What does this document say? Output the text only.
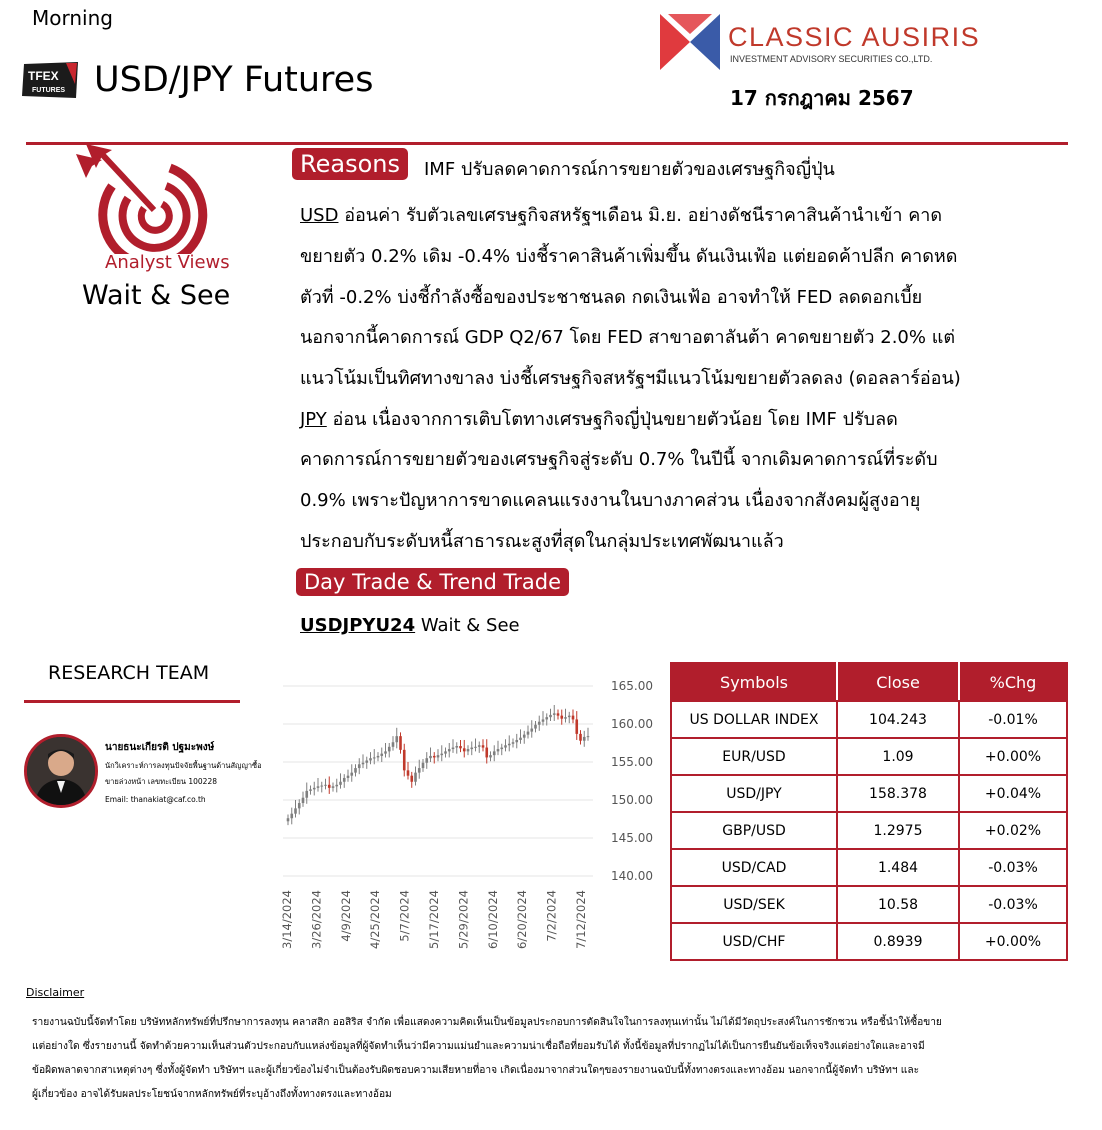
Morning
TFEX
FUTURES USD/JPY Futures
CLASSIC AUSIRIS
INVESTMENT ADVISORY SECURITIES CO.,LTD.
17 กรกฎาคม 2567
Analyst Views
Wait & See
Reasons	IMF ปรับลดคาดการณ์การขยายตัวของเศรษฐกิจญี่ปุ่น
USD อ่อนค่า รับตัวเลขเศรษฐกิจสหรัฐฯเดือน มิ.ย. อย่างดัชนีราคาสินค้านำเข้า คาด
ขยายตัว 0.2% เดิม -0.4% บ่งชี้ราคาสินค้าเพิ่มขึ้น ดันเงินเฟ้อ แต่ยอดค้าปลีก คาดหด
ตัวที่ -0.2% บ่งชี้กำลังซื้อของประชาชนลด กดเงินเฟ้อ อาจทำให้ FED ลดดอกเบี้ย
นอกจากนี้คาดการณ์ GDP Q2/67 โดย FED สาขาอตาลันต้า คาดขยายตัว 2.0% แต่
แนวโน้มเป็นทิศทางขาลง บ่งชี้เศรษฐกิจสหรัฐฯมีแนวโน้มขยายตัวลดลง (ดอลลาร์อ่อน)
JPY อ่อน เนื่องจากการเติบโตทางเศรษฐกิจญี่ปุ่นขยายตัวน้อย โดย IMF ปรับลด
คาดการณ์การขยายตัวของเศรษฐกิจสู่ระดับ 0.7% ในปีนี้ จากเดิมคาดการณ์ที่ระดับ
0.9% เพราะปัญหาการขาดแคลนแรงงานในบางภาคส่วน เนื่องจากสังคมผู้สูงอายุ
ประกอบกับระดับหนี้สาธารณะสูงที่สุดในกลุ่มประเทศพัฒนาแล้ว
Day Trade & Trend Trade
USDJPYU24 Wait & See
RESEARCH TEAM
นายธนะเกียรติ ปฐมะพงษ์
นักวิเคราะห์การลงทุนปัจจัยพื้นฐานด้านสัญญาซื้อ
ขายล่วงหน้า เลขทะเบียน 100228
Email: thanakiat@caf.co.th
165.00
160.00
155.00
150.00
145.00
140.00
3/14/2024 3/26/2024 4/9/2024 4/25/2024 5/7/2024 5/17/2024 5/29/2024 6/10/2024 6/20/2024 7/2/2024 7/12/2024
Symbols	Close	%Chg
US DOLLAR INDEX	104.243	-0.01%
EUR/USD	1.09	+0.00%
USD/JPY	158.378	+0.04%
GBP/USD	1.2975	+0.02%
USD/CAD	1.484	-0.03%
USD/SEK	10.58	-0.03%
USD/CHF	0.8939	+0.00%
Disclaimer
รายงานฉบับนี้จัดทำโดย บริษัทหลักทรัพย์ที่ปรึกษาการลงทุน คลาสสิก ออสิริส จำกัด เพื่อแสดงความคิดเห็นเป็นข้อมูลประกอบการตัดสินใจในการลงทุนเท่านั้น ไม่ได้มีวัตถุประสงค์ในการชักชวน หรือชี้นำให้ซื้อขาย
แต่อย่างใด ซึ่งรายงานนี้ จัดทำด้วยความเห็นส่วนตัวประกอบกับแหล่งข้อมูลที่ผู้จัดทำเห็นว่ามีความแม่นยำและความน่าเชื่อถือที่ยอมรับได้ ทั้งนี้ข้อมูลที่ปรากฏไม่ได้เป็นการยืนยันข้อเท็จจริงแต่อย่างใดและอาจมี
ข้อผิดพลาดจากสาเหตุต่างๆ ซึ่งทั้งผู้จัดทำ บริษัทฯ และผู้เกี่ยวข้องไม่จำเป็นต้องรับผิดชอบความเสียหายที่อาจ เกิดเนื่องมาจากส่วนใดๆของรายงานฉบับนี้ทั้งทางตรงและทางอ้อม นอกจากนี้ผู้จัดทำ บริษัทฯ และ
ผู้เกี่ยวข้อง อาจได้รับผลประโยชน์จากหลักทรัพย์ที่ระบุอ้างถึงทั้งทางตรงและทางอ้อม
